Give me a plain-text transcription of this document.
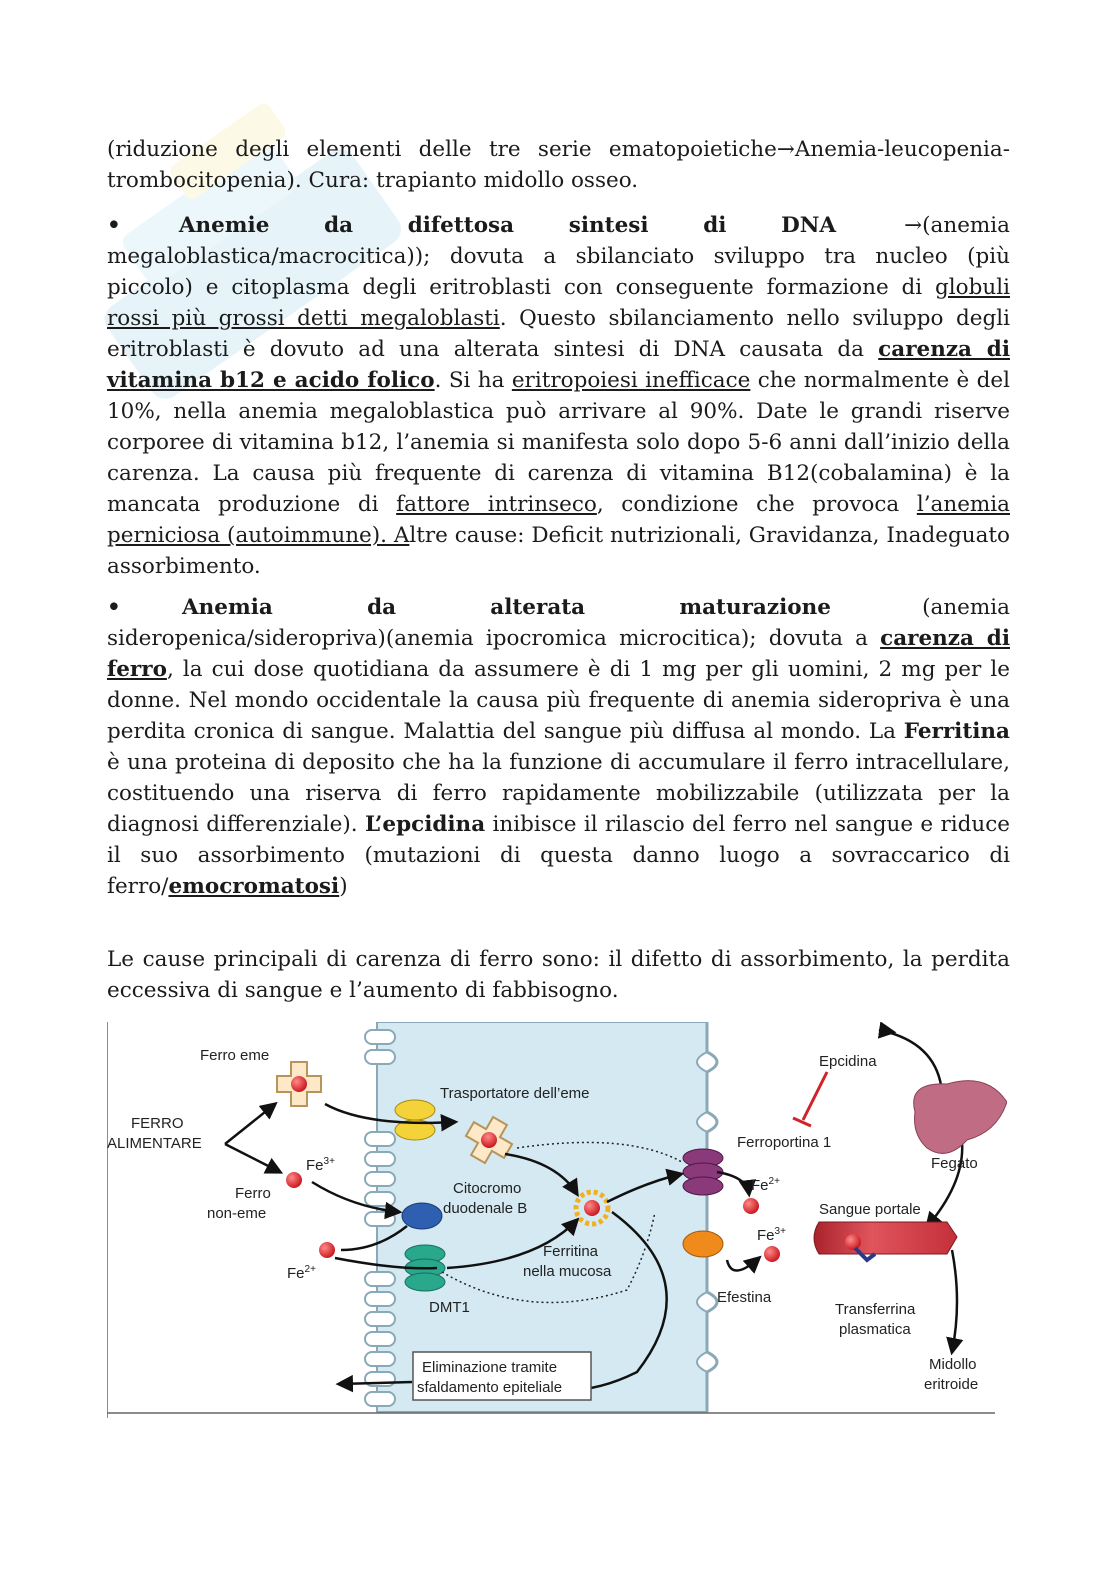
(riduzione degli elementi delle tre serie ematopoietiche→Anemia-leucopenia-

trombocitopenia). Cura: trapianto midollo osseo.

•	Anemie da difettosa sintesi di DNA	→(anemia

megaloblastica/macrocitica)); dovuta a sbilanciato sviluppo tra nucleo (più piccolo) e citoplasma degli eritroblasti con conseguente formazione di globuli rossi più grossi detti megaloblasti. Questo sbilanciamento nello sviluppo degli eritroblasti è dovuto ad una alterata sintesi di DNA causata da carenza di vitamina b12 e acido folico. Si ha eritropoiesi inefficace che normalmente è del 10%, nella anemia megaloblastica può arrivare al 90%. Date le grandi riserve corporee di vitamina b12, l’anemia si manifesta solo dopo 5-6 anni dall’inizio della carenza. La causa più frequente di carenza di vitamina B12(cobalamina) è la mancata produzione di fattore intrinseco, condizione che provoca l’anemia perniciosa (autoimmune). Altre cause: Deficit nutrizionali, Gravidanza, Inadeguato assorbimento.

•	Anemia da alterata maturazione	(anemia

sideropenica/sideropriva)(anemia ipocromica microcitica); dovuta a carenza di ferro, la cui dose quotidiana da assumere è di 1 mg per gli uomini, 2 mg per le donne. Nel mondo occidentale la causa più frequente di anemia sideropriva è una perdita cronica di sangue. Malattia del sangue più diffusa al mondo. La Ferritina è una proteina di deposito che ha la funzione di accumulare il ferro intracellulare, costituendo una riserva di ferro rapidamente mobilizzabile (utilizzata per la diagnosi differenziale). L’epcidina inibisce il rilascio del ferro nel sangue e riduce il suo assorbimento (mutazioni di questa danno luogo a sovraccarico di ferro/emocromatosi)

Le cause principali di carenza di ferro sono: il difetto di assorbimento, la perdita eccessiva di sangue e l’aumento di fabbisogno.

Ferro eme
FERRO
ALIMENTARE
$Fe^{3+}$
Ferro
non-eme
$Fe^{2+}$
Trasportatore dell’eme
Citocromo
duodenale B
Ferritina
nella mucosa
DMT1
Epcidina
Ferroportina 1
Fegato
$Fe^{2+}$
$Fe^{3+}$
Sangue portale
Efestina
Transferrina
plasmatica
Midollo
eritroide
Eliminazione tramite
sfaldamento epiteliale
